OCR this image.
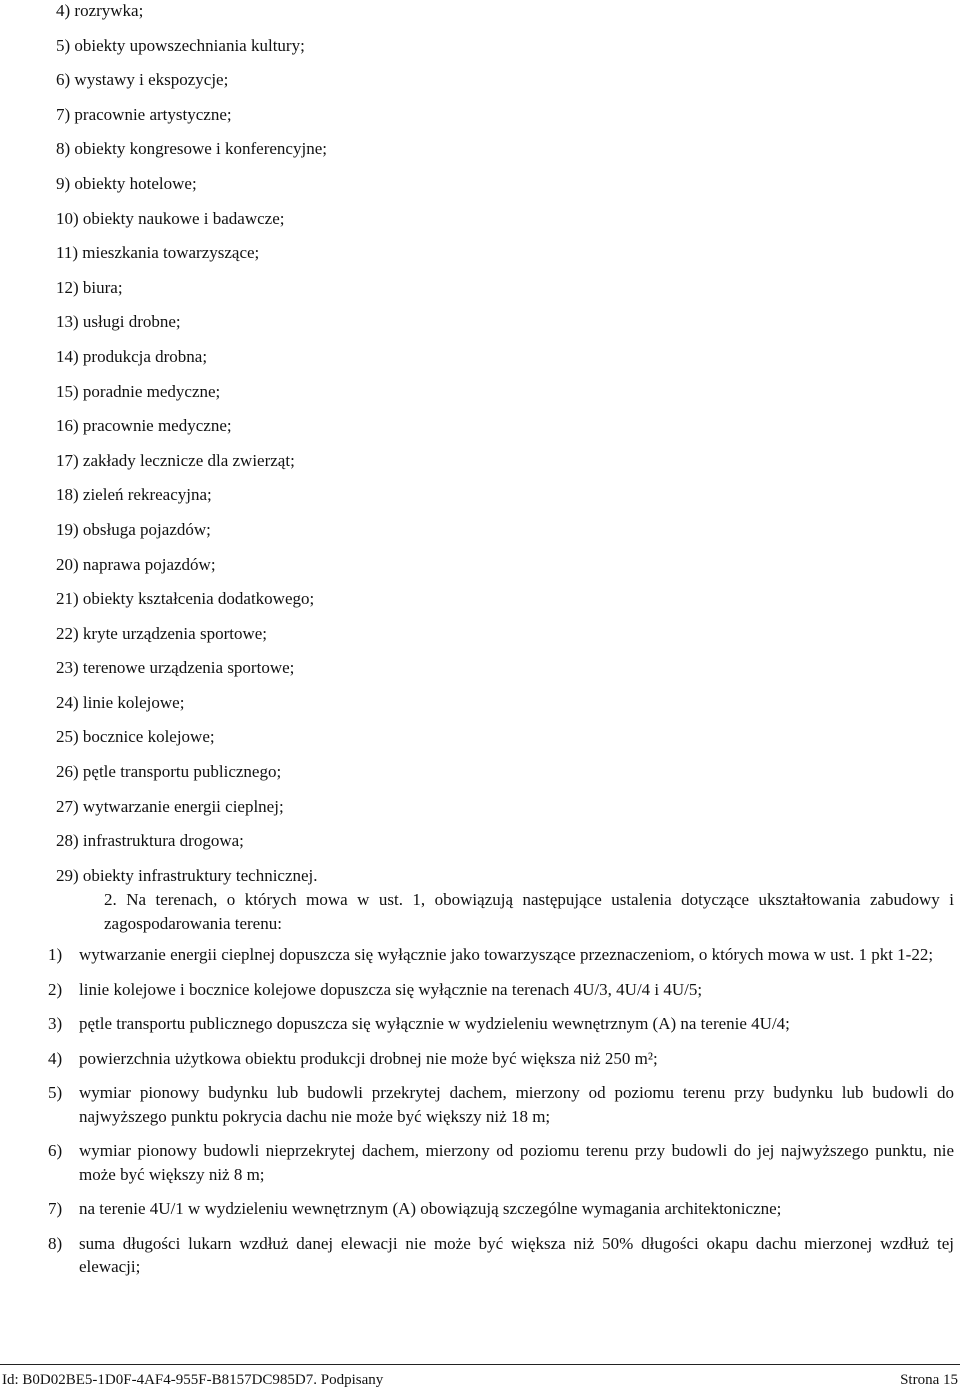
4) rozrywka;
5) obiekty upowszechniania kultury;
6) wystawy i ekspozycje;
7) pracownie artystyczne;
8) obiekty kongresowe i konferencyjne;
9) obiekty hotelowe;
10) obiekty naukowe i badawcze;
11) mieszkania towarzyszące;
12) biura;
13) usługi drobne;
14) produkcja drobna;
15) poradnie medyczne;
16) pracownie medyczne;
17) zakłady lecznicze dla zwierząt;
18) zieleń rekreacyjna;
19) obsługa pojazdów;
20) naprawa pojazdów;
21) obiekty kształcenia dodatkowego;
22) kryte urządzenia sportowe;
23) terenowe urządzenia sportowe;
24) linie kolejowe;
25) bocznice kolejowe;
26) pętle transportu publicznego;
27) wytwarzanie energii cieplnej;
28) infrastruktura drogowa;
29) obiekty infrastruktury technicznej.
2. Na terenach, o których mowa w ust. 1, obowiązują następujące ustalenia dotyczące ukształtowania zabudowy i zagospodarowania terenu:
1) wytwarzanie energii cieplnej dopuszcza się wyłącznie jako towarzyszące przeznaczeniom, o których mowa w ust. 1 pkt 1-22;
2) linie kolejowe i bocznice kolejowe dopuszcza się wyłącznie na terenach 4U/3, 4U/4 i 4U/5;
3) pętle transportu publicznego dopuszcza się wyłącznie w wydzieleniu wewnętrznym (A) na terenie 4U/4;
4) powierzchnia użytkowa obiektu produkcji drobnej nie może być większa niż 250 m²;
5) wymiar pionowy budynku lub budowli przekrytej dachem, mierzony od poziomu terenu przy budynku lub budowli do najwyższego punktu pokrycia dachu nie może być większy niż 18 m;
6) wymiar pionowy budowli nieprzekrytej dachem, mierzony od poziomu terenu przy budowli do jej najwyższego punktu, nie może być większy niż 8 m;
7) na terenie 4U/1 w wydzieleniu wewnętrznym (A) obowiązują szczególne wymagania architektoniczne;
8) suma długości lukarn wzdłuż danej elewacji nie może być większa niż 50% długości okapu dachu mierzonej wzdłuż tej elewacji;
Id: B0D02BE5-1D0F-4AF4-955F-B8157DC985D7. Podpisany	Strona 15
